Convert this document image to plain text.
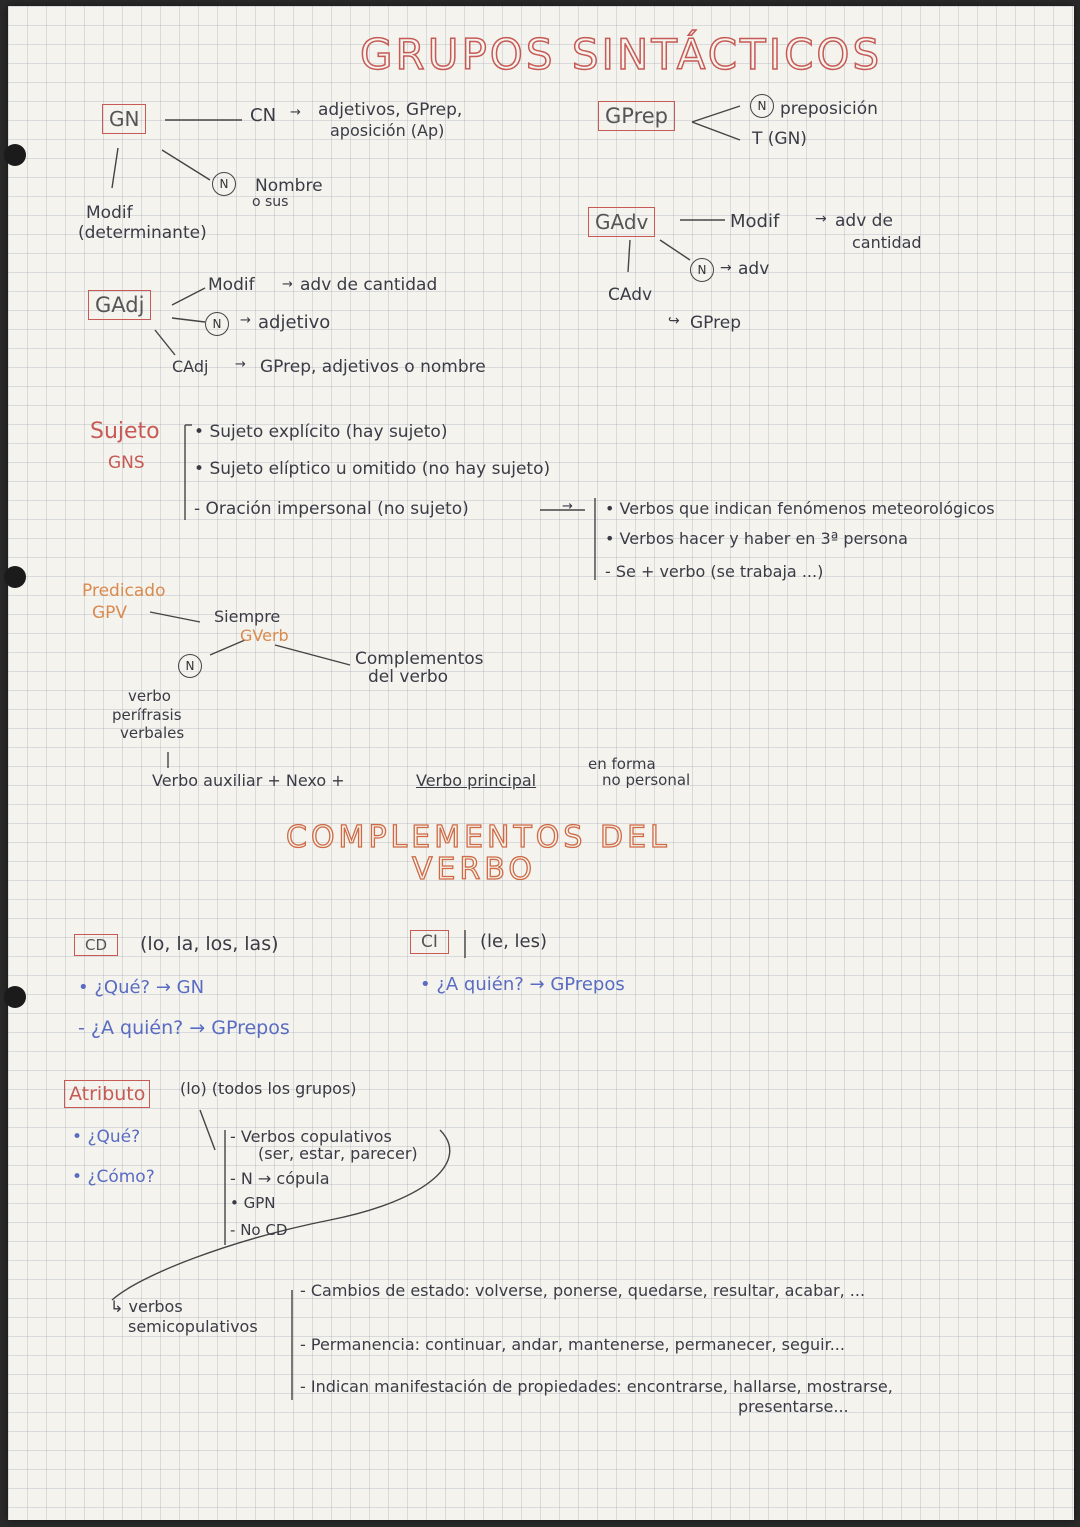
GRUPOS SINTÁCTICOS
GN	CN → adjetivos, GPrep,
aposición (Ap)
N	Nombre
o sus
Modif
(determinante)
GPrep	N preposición
T (GN)
GAdv	Modif	→ adv de
cantidad
N → adv
CAdv
↪ GPrep
GAdj
Modif → adv de cantidad
N	→ adjetivo
CAdj → GPrep, adjetivos o nombre
Sujeto
GNS
• Sujeto explícito (hay sujeto)
• Sujeto elíptico u omitido (no hay sujeto)
- Oración impersonal (no sujeto)	→ • Verbos que indican fenómenos meteorológicos
• Verbos hacer y haber en 3ª persona
- Se + verbo (se trabaja ...)
Predicado
GPV	Siempre
GVerb
Complementos
del verbo
N
verbo
perífrasis
verbales
Verbo auxiliar + Nexo +	Verbo principal
en forma
no personal
COMPLEMENTOS DEL
VERBO
CD	(lo, la, los, las)
• ¿Qué? → GN
- ¿A quién? → GPrepos
CI	(le, les)
• ¿A quién? → GPrepos
Atributo	(lo) (todos los grupos)
• ¿Qué?
• ¿Cómo?
- Verbos copulativos
(ser, estar, parecer)
- N → cópula
• GPN
- No CD
↳ verbos
semicopulativos
- Cambios de estado: volverse, ponerse, quedarse, resultar, acabar, ...
- Permanencia: continuar, andar, mantenerse, permanecer, seguir...
- Indican manifestación de propiedades: encontrarse, hallarse, mostrarse,
presentarse...
